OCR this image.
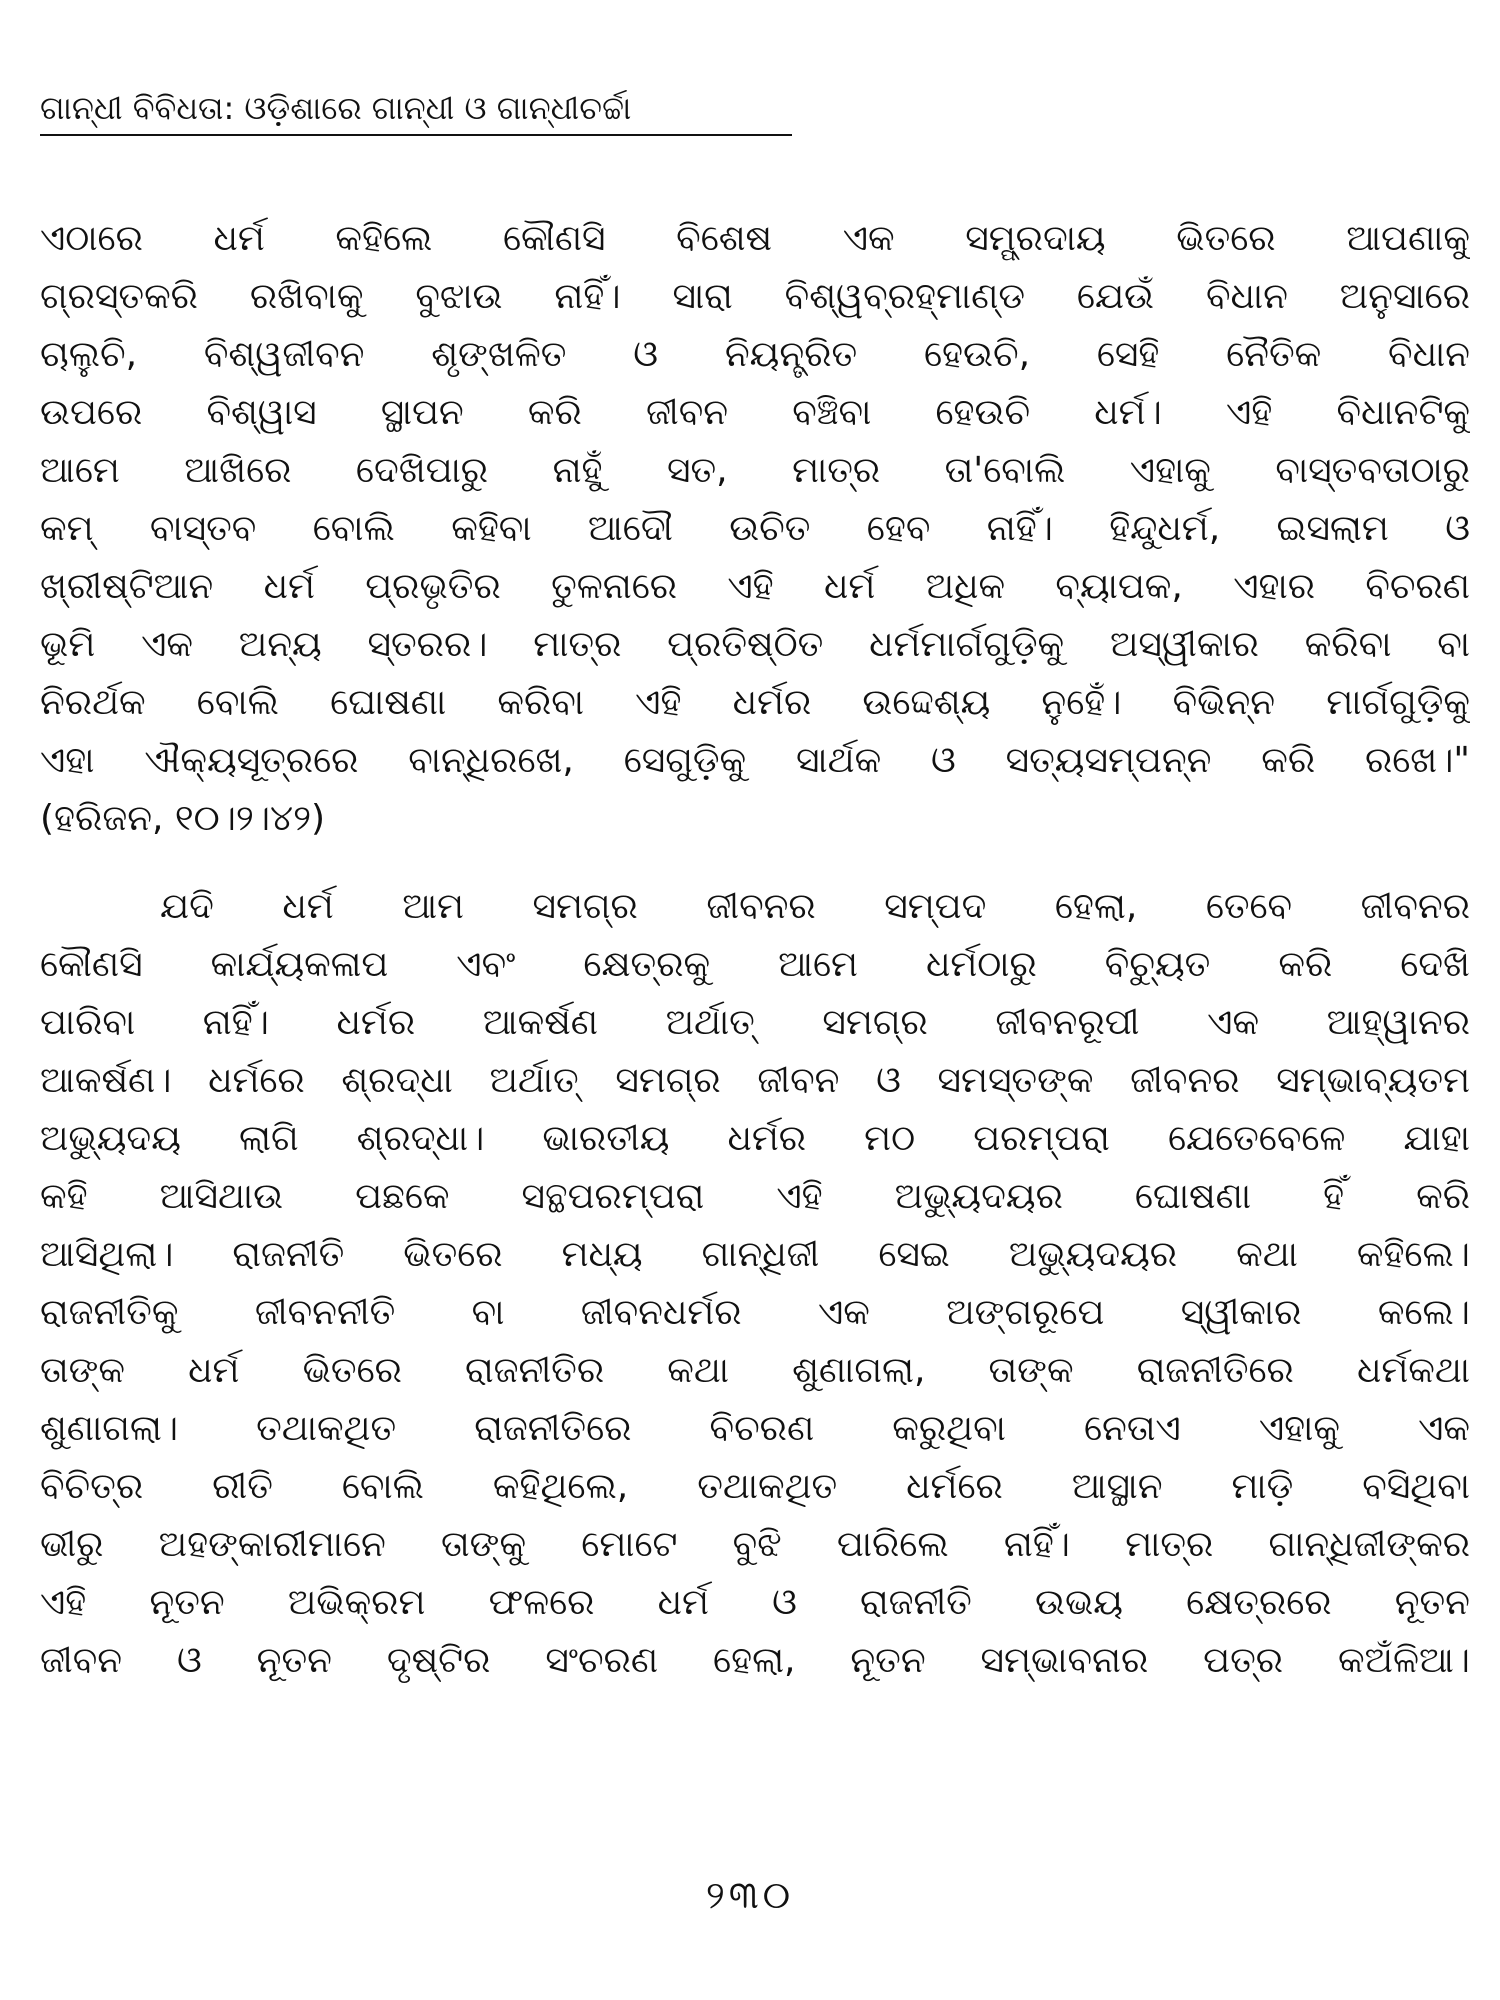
ଗାନ୍ଧୀ ବିବିଧତା: ଓଡ଼ିଶାରେ ଗାନ୍ଧୀ ଓ ଗାନ୍ଧୀଚର୍ଚ୍ଚା
ଏଠାରେ ଧର୍ମ କହିଲେ କୌଣସି ବିଶେଷ ଏକ ସମ୍ପ୍ରଦାୟ ଭିତରେ ଆପଣାକୁ
ଗ୍ରସ୍ତକରି ରଖିବାକୁ ବୁଝାଉ ନାହିଁ। ସାରା ବିଶ୍ୱବ୍ରହ୍ମାଣ୍ଡ ଯେଉଁ ବିଧାନ ଅନୁସାରେ
ଚାଲୁଚି, ବିଶ୍ୱଜୀବନ ଶୃଙ୍ଖଳିତ ଓ ନିୟନ୍ତ୍ରିତ ହେଉଚି, ସେହି ନୈତିକ ବିଧାନ
ଉପରେ ବିଶ୍ୱାସ ସ୍ଥାପନ କରି ଜୀବନ ବଞ୍ଚିବା ହେଉଚି ଧର୍ମ। ଏହି ବିଧାନଟିକୁ
ଆମେ ଆଖିରେ ଦେଖିପାରୁ ନାହୁଁ ସତ, ମାତ୍ର ତା'ବୋଲି ଏହାକୁ ବାସ୍ତବତାଠାରୁ
କମ୍ ବାସ୍ତବ ବୋଲି କହିବା ଆଦୌ ଉଚିତ ହେବ ନାହିଁ। ହିନ୍ଦୁଧର୍ମ, ଇସଲାମ ଓ
ଖ୍ରୀଷ୍ଟିଆନ ଧର୍ମ ପ୍ରଭୃତିର ତୁଳନାରେ ଏହି ଧର୍ମ ଅଧିକ ବ୍ୟାପକ, ଏହାର ବିଚରଣ
ଭୂମି ଏକ ଅନ୍ୟ ସ୍ତରର। ମାତ୍ର ପ୍ରତିଷ୍ଠିତ ଧର୍ମମାର୍ଗଗୁଡ଼ିକୁ ଅସ୍ୱୀକାର କରିବା ବା
ନିରର୍ଥକ ବୋଲି ଘୋଷଣା କରିବା ଏହି ଧର୍ମର ଉଦ୍ଦେଶ୍ୟ ନୁହେଁ। ବିଭିନ୍ନ ମାର୍ଗଗୁଡ଼ିକୁ
ଏହା ଐକ୍ୟସୂତ୍ରରେ ବାନ୍ଧିରଖେ, ସେଗୁଡ଼ିକୁ ସାର୍ଥକ ଓ ସତ୍ୟସମ୍ପନ୍ନ କରି ରଖେ।"
(ହରିଜନ, ୧୦।୨।୪୨)
ଯଦି ଧର୍ମ ଆମ ସମଗ୍ର ଜୀବନର ସମ୍ପଦ ହେଲା, ତେବେ ଜୀବନର
କୌଣସି କାର୍ଯ୍ୟକଳାପ ଏବଂ କ୍ଷେତ୍ରକୁ ଆମେ ଧର୍ମଠାରୁ ବିଚ୍ୟୁତ କରି ଦେଖି
ପାରିବା ନାହିଁ। ଧର୍ମର ଆକର୍ଷଣ ଅର୍ଥାତ୍ ସମଗ୍ର ଜୀବନରୂପୀ ଏକ ଆହ୍ୱାନର
ଆକର୍ଷଣ। ଧର୍ମରେ ଶ୍ରଦ୍ଧା ଅର୍ଥାତ୍ ସମଗ୍ର ଜୀବନ ଓ ସମସ୍ତଙ୍କ ଜୀବନର ସମ୍ଭାବ୍ୟତମ
ଅଭ୍ୟୁଦୟ ଲାଗି ଶ୍ରଦ୍ଧା। ଭାରତୀୟ ଧର୍ମର ମଠ ପରମ୍ପରା ଯେତେବେଳେ ଯାହା
କହି ଆସିଥାଉ ପଛକେ ସନ୍ଥପରମ୍ପରା ଏହି ଅଭ୍ୟୁଦୟର ଘୋଷଣା ହିଁ କରି
ଆସିଥିଲା। ରାଜନୀତି ଭିତରେ ମଧ୍ୟ ଗାନ୍ଧିଜୀ ସେଇ ଅଭ୍ୟୁଦୟର କଥା କହିଲେ।
ରାଜନୀତିକୁ ଜୀବନନୀତି ବା ଜୀବନଧର୍ମର ଏକ ଅଙ୍ଗରୂପେ ସ୍ୱୀକାର କଲେ।
ତାଙ୍କ ଧର୍ମ ଭିତରେ ରାଜନୀତିର କଥା ଶୁଣାଗଲା, ତାଙ୍କ ରାଜନୀତିରେ ଧର୍ମକଥା
ଶୁଣାଗଲା। ତଥାକଥିତ ରାଜନୀତିରେ ବିଚରଣ କରୁଥିବା ନେତାଏ ଏହାକୁ ଏକ
ବିଚିତ୍ର ରୀତି ବୋଲି କହିଥିଲେ, ତଥାକଥିତ ଧର୍ମରେ ଆସ୍ଥାନ ମାଡ଼ି ବସିଥିବା
ଭୀରୁ ଅହଙ୍କାରୀମାନେ ତାଙ୍କୁ ମୋଟେ ବୁଝି ପାରିଲେ ନାହିଁ। ମାତ୍ର ଗାନ୍ଧିଜୀଙ୍କର
ଏହି ନୂତନ ଅଭିକ୍ରମ ଫଳରେ ଧର୍ମ ଓ ରାଜନୀତି ଉଭୟ କ୍ଷେତ୍ରରେ ନୂତନ
ଜୀବନ ଓ ନୂତନ ଦୃଷ୍ଟିର ସଂଚରଣ ହେଲା, ନୂତନ ସମ୍ଭାବନାର ପତ୍ର କଅଁଳିଆ।
୨୩୦
